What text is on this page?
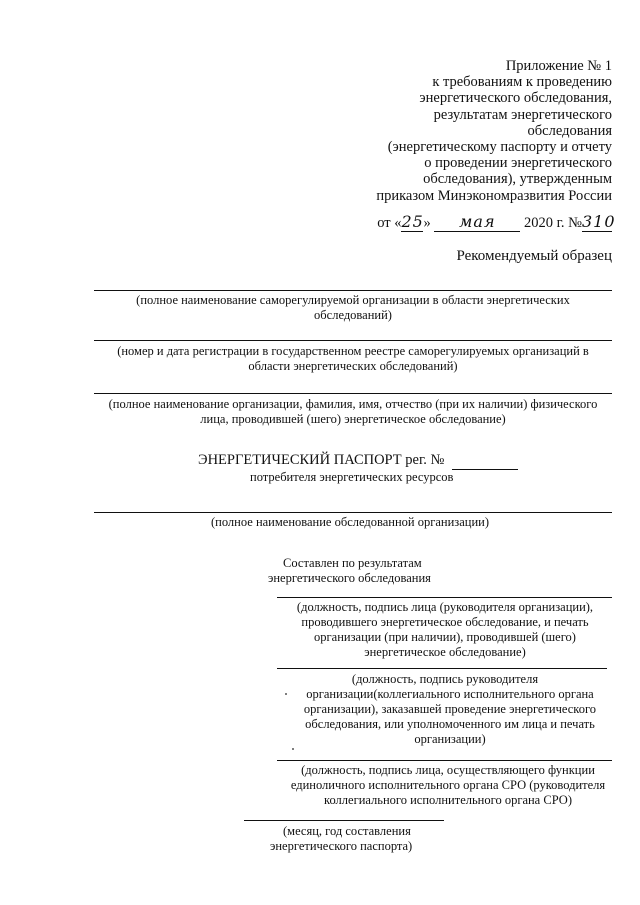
Приложение № 1
к требованиям к проведению
энергетического обследования,
результатам энергетического
обследования
(энергетическому паспорту и отчету
о проведении энергетического
обследования), утвержденным
приказом Минэкономразвития России
от «25» мая 2020 г. №310
Рекомендуемый образец
(полное наименование саморегулируемой организации в области энергетических обследований)
(номер и дата регистрации в государственном реестре саморегулируемых организаций в области энергетических обследований)
(полное наименование организации, фамилия, имя, отчество (при их наличии) физического лица, проводившей (шего) энергетическое обследование)
ЭНЕРГЕТИЧЕСКИЙ ПАСПОРТ рег. №
потребителя энергетических ресурсов
(полное наименование обследованной организации)
Составлен по результатам
энергетического обследования
(должность, подпись лица (руководителя организации), проводившего энергетическое обследование, и печать организации (при наличии), проводившей (шего) энергетическое обследование)
(должность, подпись руководителя
организации(коллегиального исполнительного органа организации), заказавшей проведение энергетического обследования, или уполномоченного им лица и печать организации)
(должность, подпись лица, осуществляющего функции единоличного исполнительного органа СРО (руководителя коллегиального исполнительного органа СРО)
(месяц, год составления
энергетического паспорта)
